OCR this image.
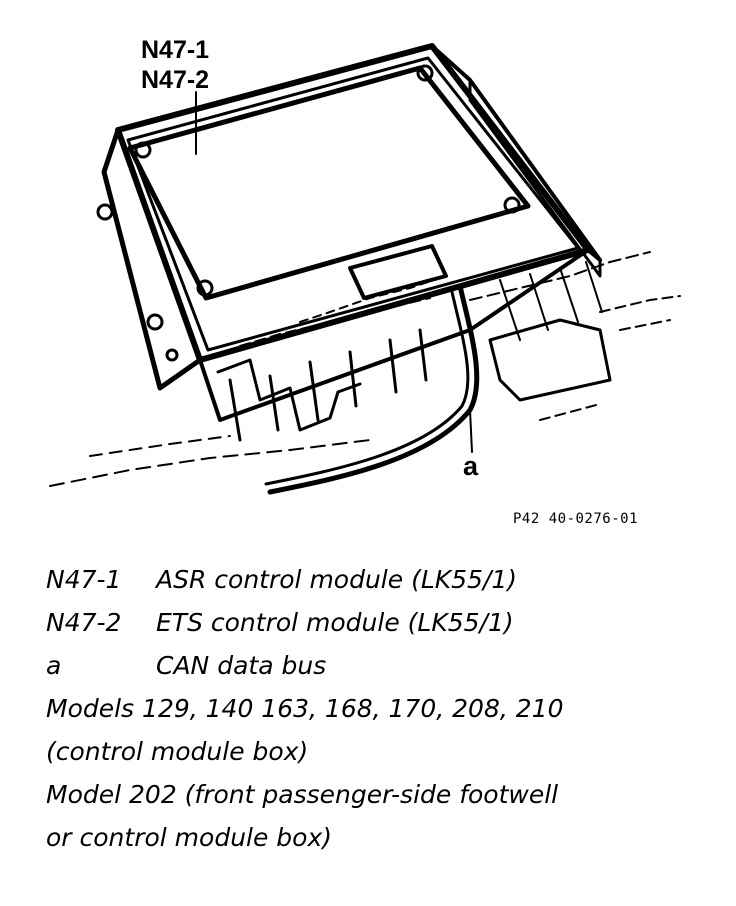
N47-1
N47-2
a
P42 40-0276-01
N47-1 ASR control module (LK55/1)
N47-2 ETS control module (LK55/1)
a	CAN data bus
Models 129, 140 163, 168, 170, 208, 210
(control module box)
Model 202 (front passenger-side footwell
or control module box)
